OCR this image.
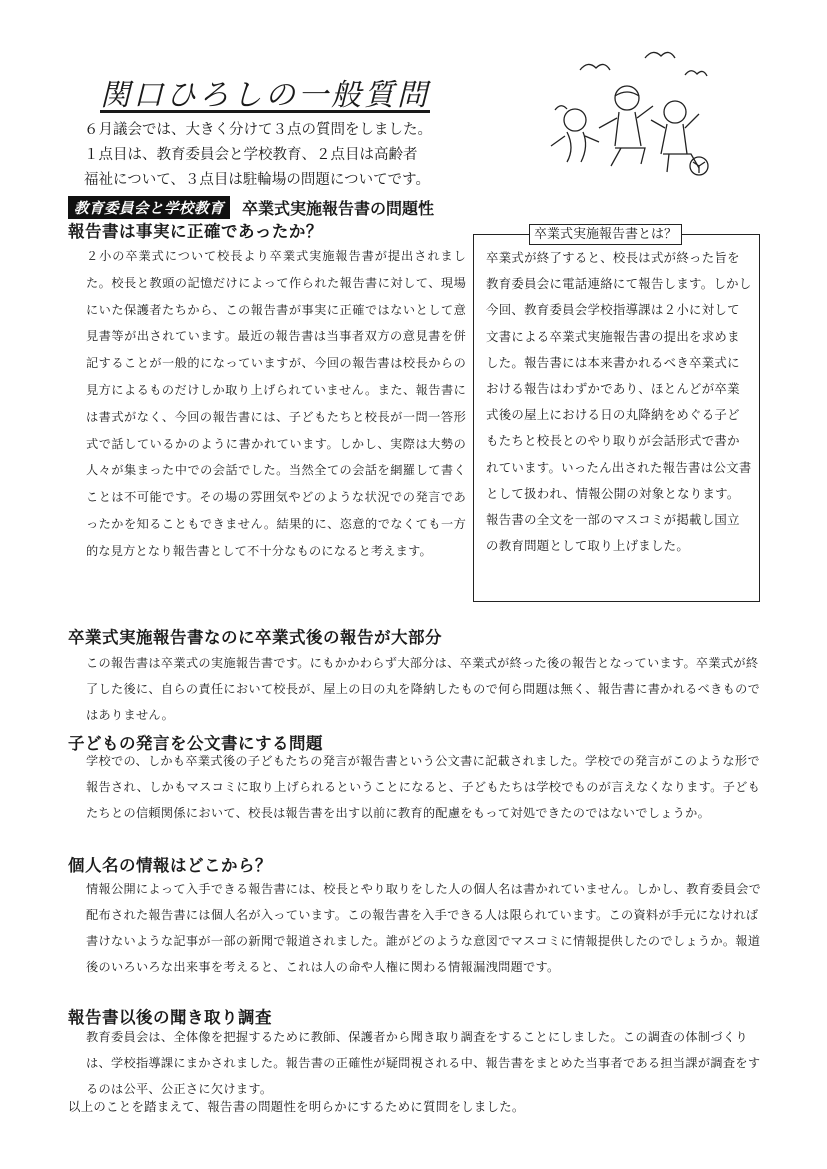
関口ひろしの一般質問

６月議会では、大きく分けて３点の質問をしました。

１点目は、教育委員会と学校教育、２点目は高齢者

福祉について、３点目は駐輪場の問題についてです。

教育委員会と学校教育	卒業式実施報告書の問題性
報告書は事実に正確であったか？

２小の卒業式について校長より卒業式実施報告書が提出されました。校長と教頭の記憶だけによって作られた報告書に対して、現場にいた保護者たちから、この報告書が事実に正確ではないとして意見書等が出されています。最近の報告書は当事者双方の意見書を併記することが一般的になっていますが、今回の報告書は校長からの見方によるものだけしか取り上げられていません。また、報告書には書式がなく、今回の報告書には、子どもたちと校長が一問一答形式で話しているかのように書かれています。しかし、実際は大勢の人々が集まった中での会話でした。当然全ての会話を網羅して書くことは不可能です。その場の雰囲気やどのような状況での発言であったかを知ることもできません。結果的に、恣意的でなくても一方的な見方となり報告書として不十分なものになると考えます。

卒業式実施報告書とは？

卒業式が終了すると、校長は式が終った旨を教育委員会に電話連絡にて報告します。しかし今回、教育委員会学校指導課は２小に対して文書による卒業式実施報告書の提出を求めました。報告書には本来書かれるべき卒業式における報告はわずかであり、ほとんどが卒業式後の屋上における日の丸降納をめぐる子どもたちと校長とのやり取りが会話形式で書かれています。いったん出された報告書は公文書として扱われ、情報公開の対象となります。報告書の全文を一部のマスコミが掲載し国立の教育問題として取り上げました。

卒業式実施報告書なのに卒業式後の報告が大部分

この報告書は卒業式の実施報告書です。にもかかわらず大部分は、卒業式が終った後の報告となっています。卒業式が終了した後に、自らの責任において校長が、屋上の日の丸を降納したもので何ら問題は無く、報告書に書かれるべきものではありません。

子どもの発言を公文書にする問題

学校での、しかも卒業式後の子どもたちの発言が報告書という公文書に記載されました。学校での発言がこのような形で報告され、しかもマスコミに取り上げられるということになると、子どもたちは学校でものが言えなくなります。子どもたちとの信頼関係において、校長は報告書を出す以前に教育的配慮をもって対処できたのではないでしょうか。

個人名の情報はどこから？

情報公開によって入手できる報告書には、校長とやり取りをした人の個人名は書かれていません。しかし、教育委員会で配布された報告書には個人名が入っています。この報告書を入手できる人は限られています。この資料が手元になければ書けないような記事が一部の新聞で報道されました。誰がどのような意図でマスコミに情報提供したのでしょうか。報道後のいろいろな出来事を考えると、これは人の命や人権に関わる情報漏洩問題です。

報告書以後の聞き取り調査

教育委員会は、全体像を把握するために教師、保護者から聞き取り調査をすることにしました。この調査の体制づくりは、学校指導課にまかされました。報告書の正確性が疑問視される中、報告書をまとめた当事者である担当課が調査をするのは公平、公正さに欠けます。

以上のことを踏まえて、報告書の問題性を明らかにするために質問をしました。
